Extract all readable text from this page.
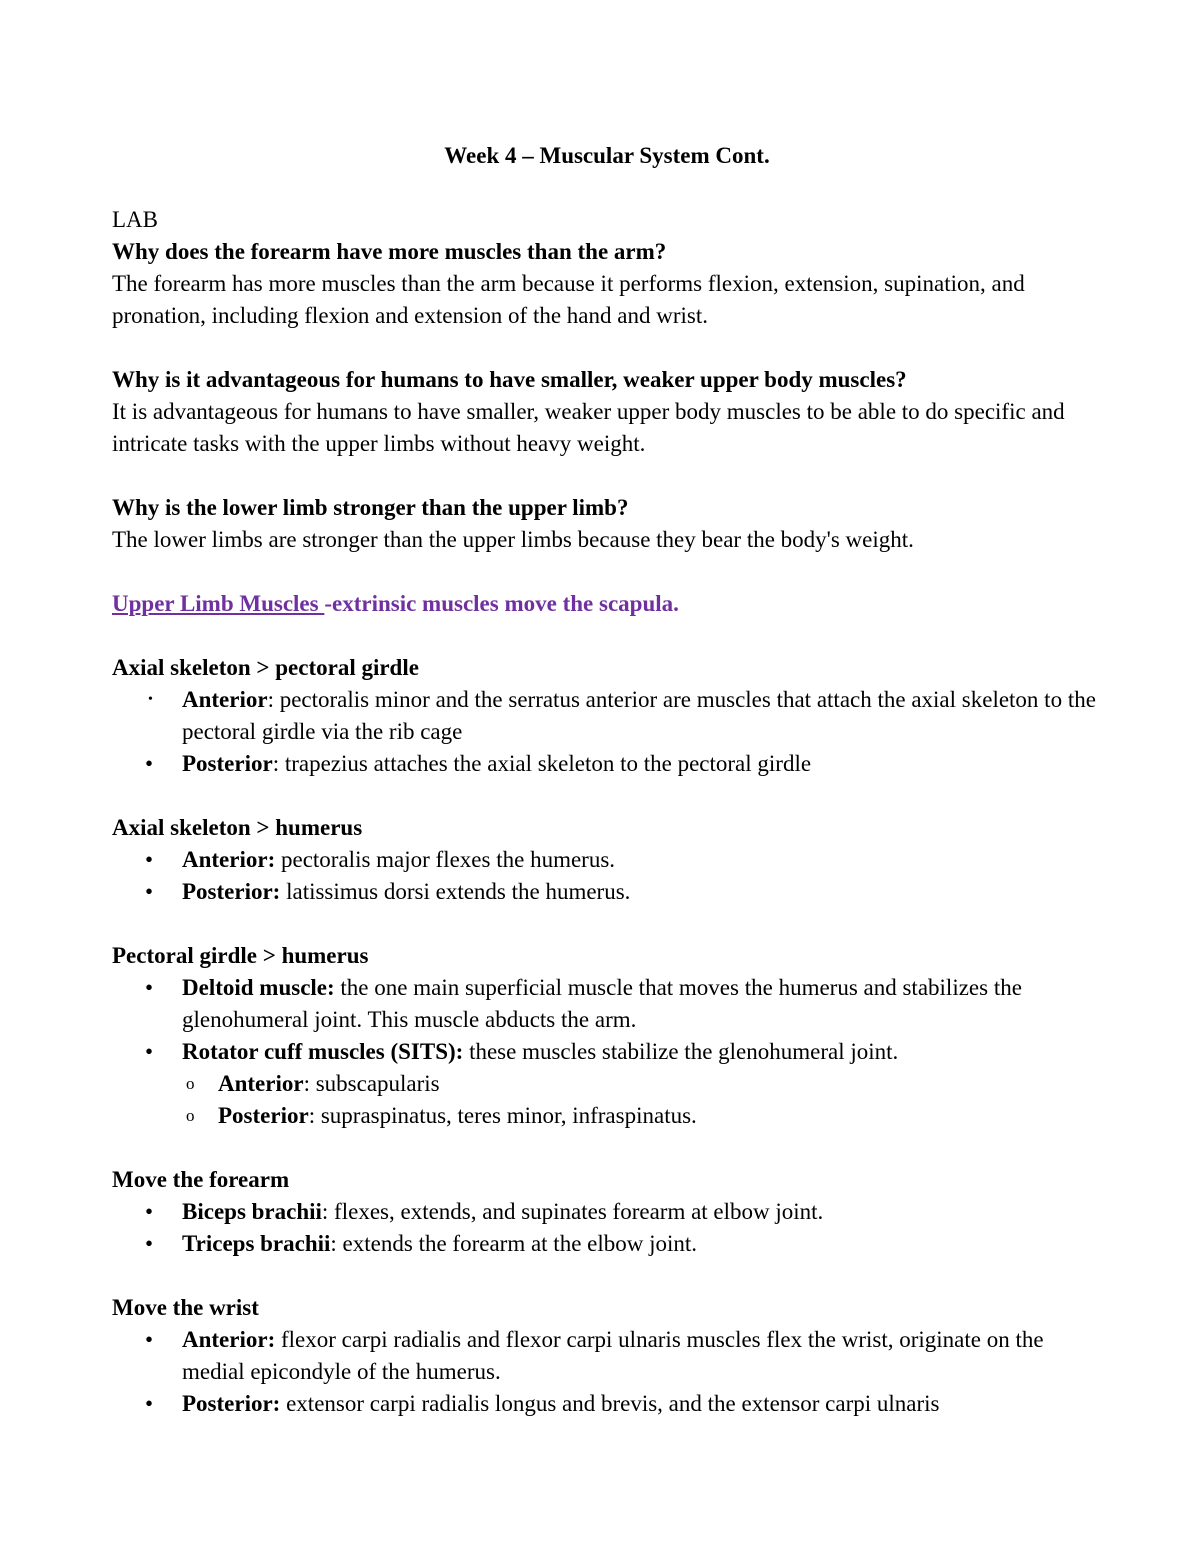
Week 4 – Muscular System Cont.

LAB

Why does the forearm have more muscles than the arm?

The forearm has more muscles than the arm because it performs flexion, extension, supination, and pronation, including flexion and extension of the hand and wrist.

Why is it advantageous for humans to have smaller, weaker upper body muscles?

It is advantageous for humans to have smaller, weaker upper body muscles to be able to do specific and intricate tasks with the upper limbs without heavy weight.

Why is the lower limb stronger than the upper limb?

The lower limbs are stronger than the upper limbs because they bear the body's weight.

Upper Limb Muscles -extrinsic muscles move the scapula.

Axial skeleton > pectoral girdle

•	Anterior: pectoralis minor and the serratus anterior are muscles that attach the axial skeleton to the pectoral girdle via the rib cage
•	Posterior: trapezius attaches the axial skeleton to the pectoral girdle

Axial skeleton > humerus

•	Anterior: pectoralis major flexes the humerus.
•	Posterior: latissimus dorsi extends the humerus.

Pectoral girdle > humerus

•	Deltoid muscle: the one main superficial muscle that moves the humerus and stabilizes the glenohumeral joint. This muscle abducts the arm.
•	Rotator cuff muscles (SITS): these muscles stabilize the glenohumeral joint.
o Anterior: subscapularis
o Posterior: supraspinatus, teres minor, infraspinatus.

Move the forearm

•	Biceps brachii: flexes, extends, and supinates forearm at elbow joint.
•	Triceps brachii: extends the forearm at the elbow joint.

Move the wrist

•	Anterior: flexor carpi radialis and flexor carpi ulnaris muscles flex the wrist, originate on the medial epicondyle of the humerus.
•	Posterior: extensor carpi radialis longus and brevis, and the extensor carpi ulnaris
